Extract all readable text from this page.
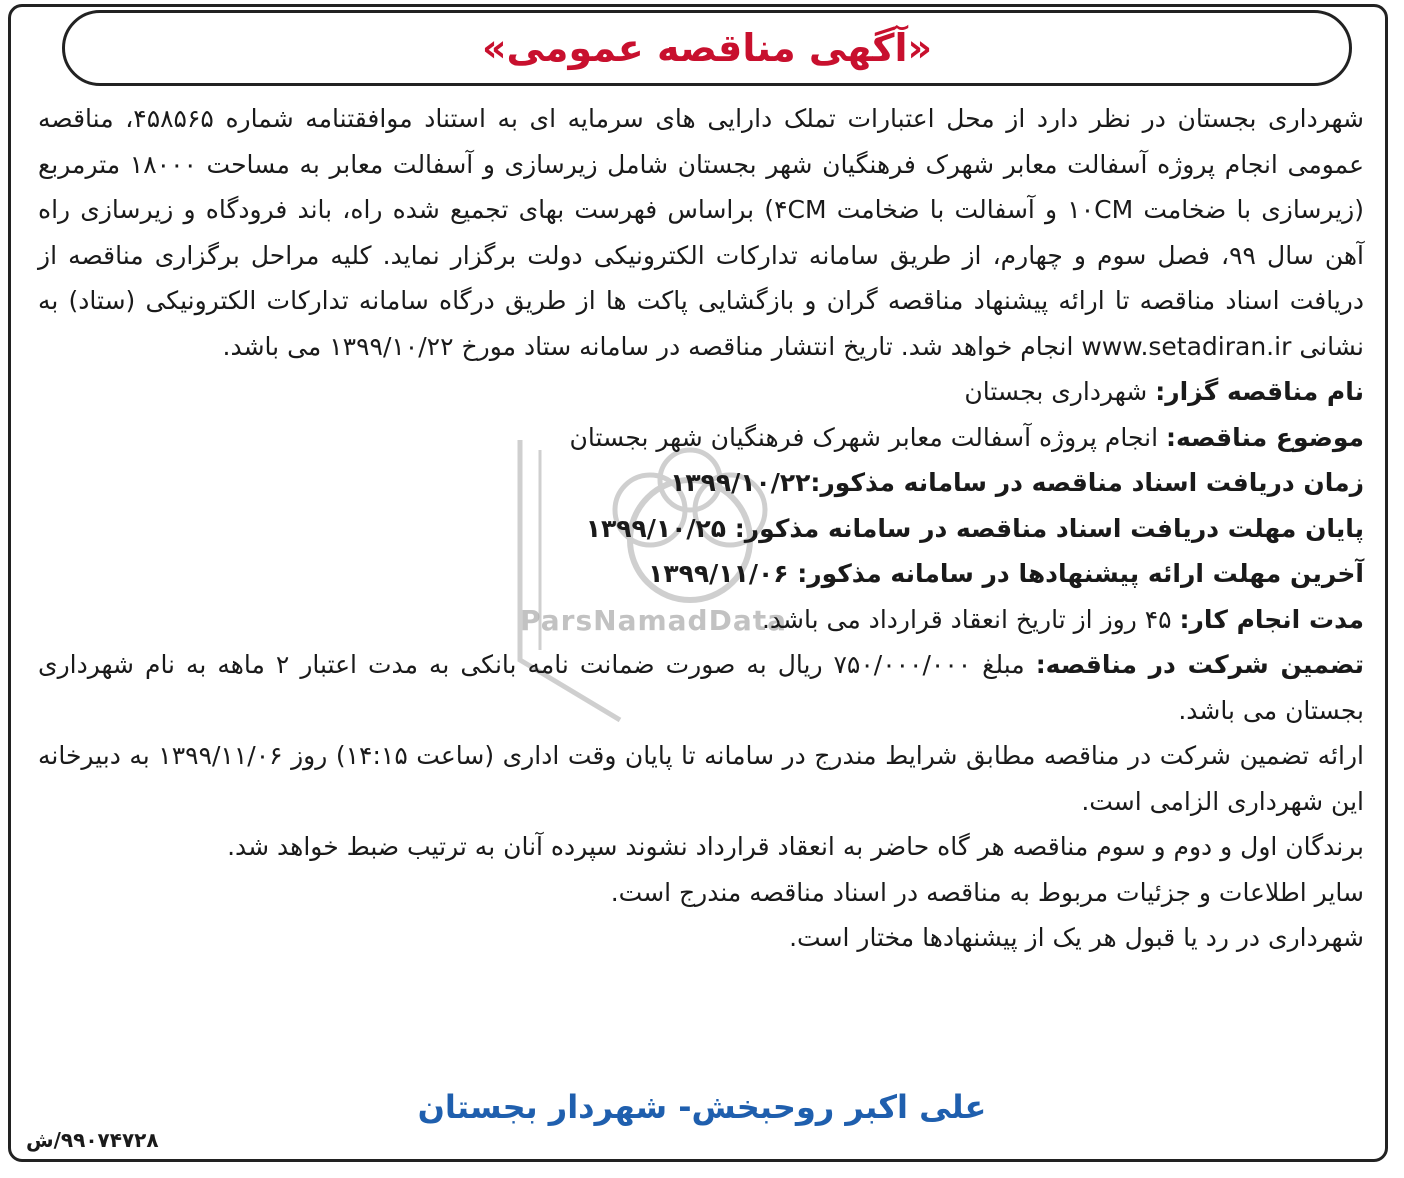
«آگهی مناقصه عمومی»
ParsNamadData

شهرداری بجستان در نظر دارد از محل اعتبارات تملک دارایی های سرمایه ای به استناد موافقتنامه شماره ۴۵۸۵۶۵، مناقصه عمومی انجام پروژه آسفالت معابر شهرک فرهنگیان شهر بجستان شامل زیرسازی و آسفالت معابر به مساحت ۱۸۰۰۰ مترمربع (زیرسازی با ضخامت ۱۰CM و آسفالت با ضخامت ۴CM) براساس فهرست بهای تجمیع شده راه، باند فرودگاه و زیرسازی راه آهن سال ۹۹، فصل سوم و چهارم، از طریق سامانه تدارکات الکترونیکی دولت برگزار نماید. کلیه مراحل برگزاری مناقصه از دریافت اسناد مناقصه تا ارائه پیشنهاد مناقصه گران و بازگشایی پاکت ها از طریق درگاه سامانه تدارکات الکترونیکی (ستاد) به نشانی www.setadiran.ir انجام خواهد شد. تاریخ انتشار مناقصه در سامانه ستاد مورخ ۱۳۹۹/۱۰/۲۲ می باشد.

نام مناقصه گزار: شهرداری بجستان
موضوع مناقصه: انجام پروژه آسفالت معابر شهرک فرهنگیان شهر بجستان
زمان دریافت اسناد مناقصه در سامانه مذکور:۱۳۹۹/۱۰/۲۲
پایان مهلت دریافت اسناد مناقصه در سامانه مذکور: ۱۳۹۹/۱۰/۲۵
آخرین مهلت ارائه پیشنهادها در سامانه مذکور: ۱۳۹۹/۱۱/۰۶
مدت انجام کار: ۴۵ روز از تاریخ انعقاد قرارداد می باشد.
تضمین شرکت در مناقصه: مبلغ ۷۵۰/۰۰۰/۰۰۰ ریال به صورت ضمانت نامه بانکی به مدت اعتبار ۲ ماهه به نام شهرداری بجستان می باشد.

ارائه تضمین شرکت در مناقصه مطابق شرایط مندرج در سامانه تا پایان وقت اداری (ساعت ۱۴:۱۵) روز ۱۳۹۹/۱۱/۰۶ به دبیرخانه این شهرداری الزامی است.

برندگان اول و دوم و سوم مناقصه هر گاه حاضر به انعقاد قرارداد نشوند سپرده آنان به ترتیب ضبط خواهد شد.

سایر اطلاعات و جزئیات مربوط به مناقصه در اسناد مناقصه مندرج است.

شهرداری در رد یا قبول هر یک از پیشنهادها مختار است.

علی اکبر روحبخش- شهردار بجستان
۹۹۰۷۴۷۲۸/ش
